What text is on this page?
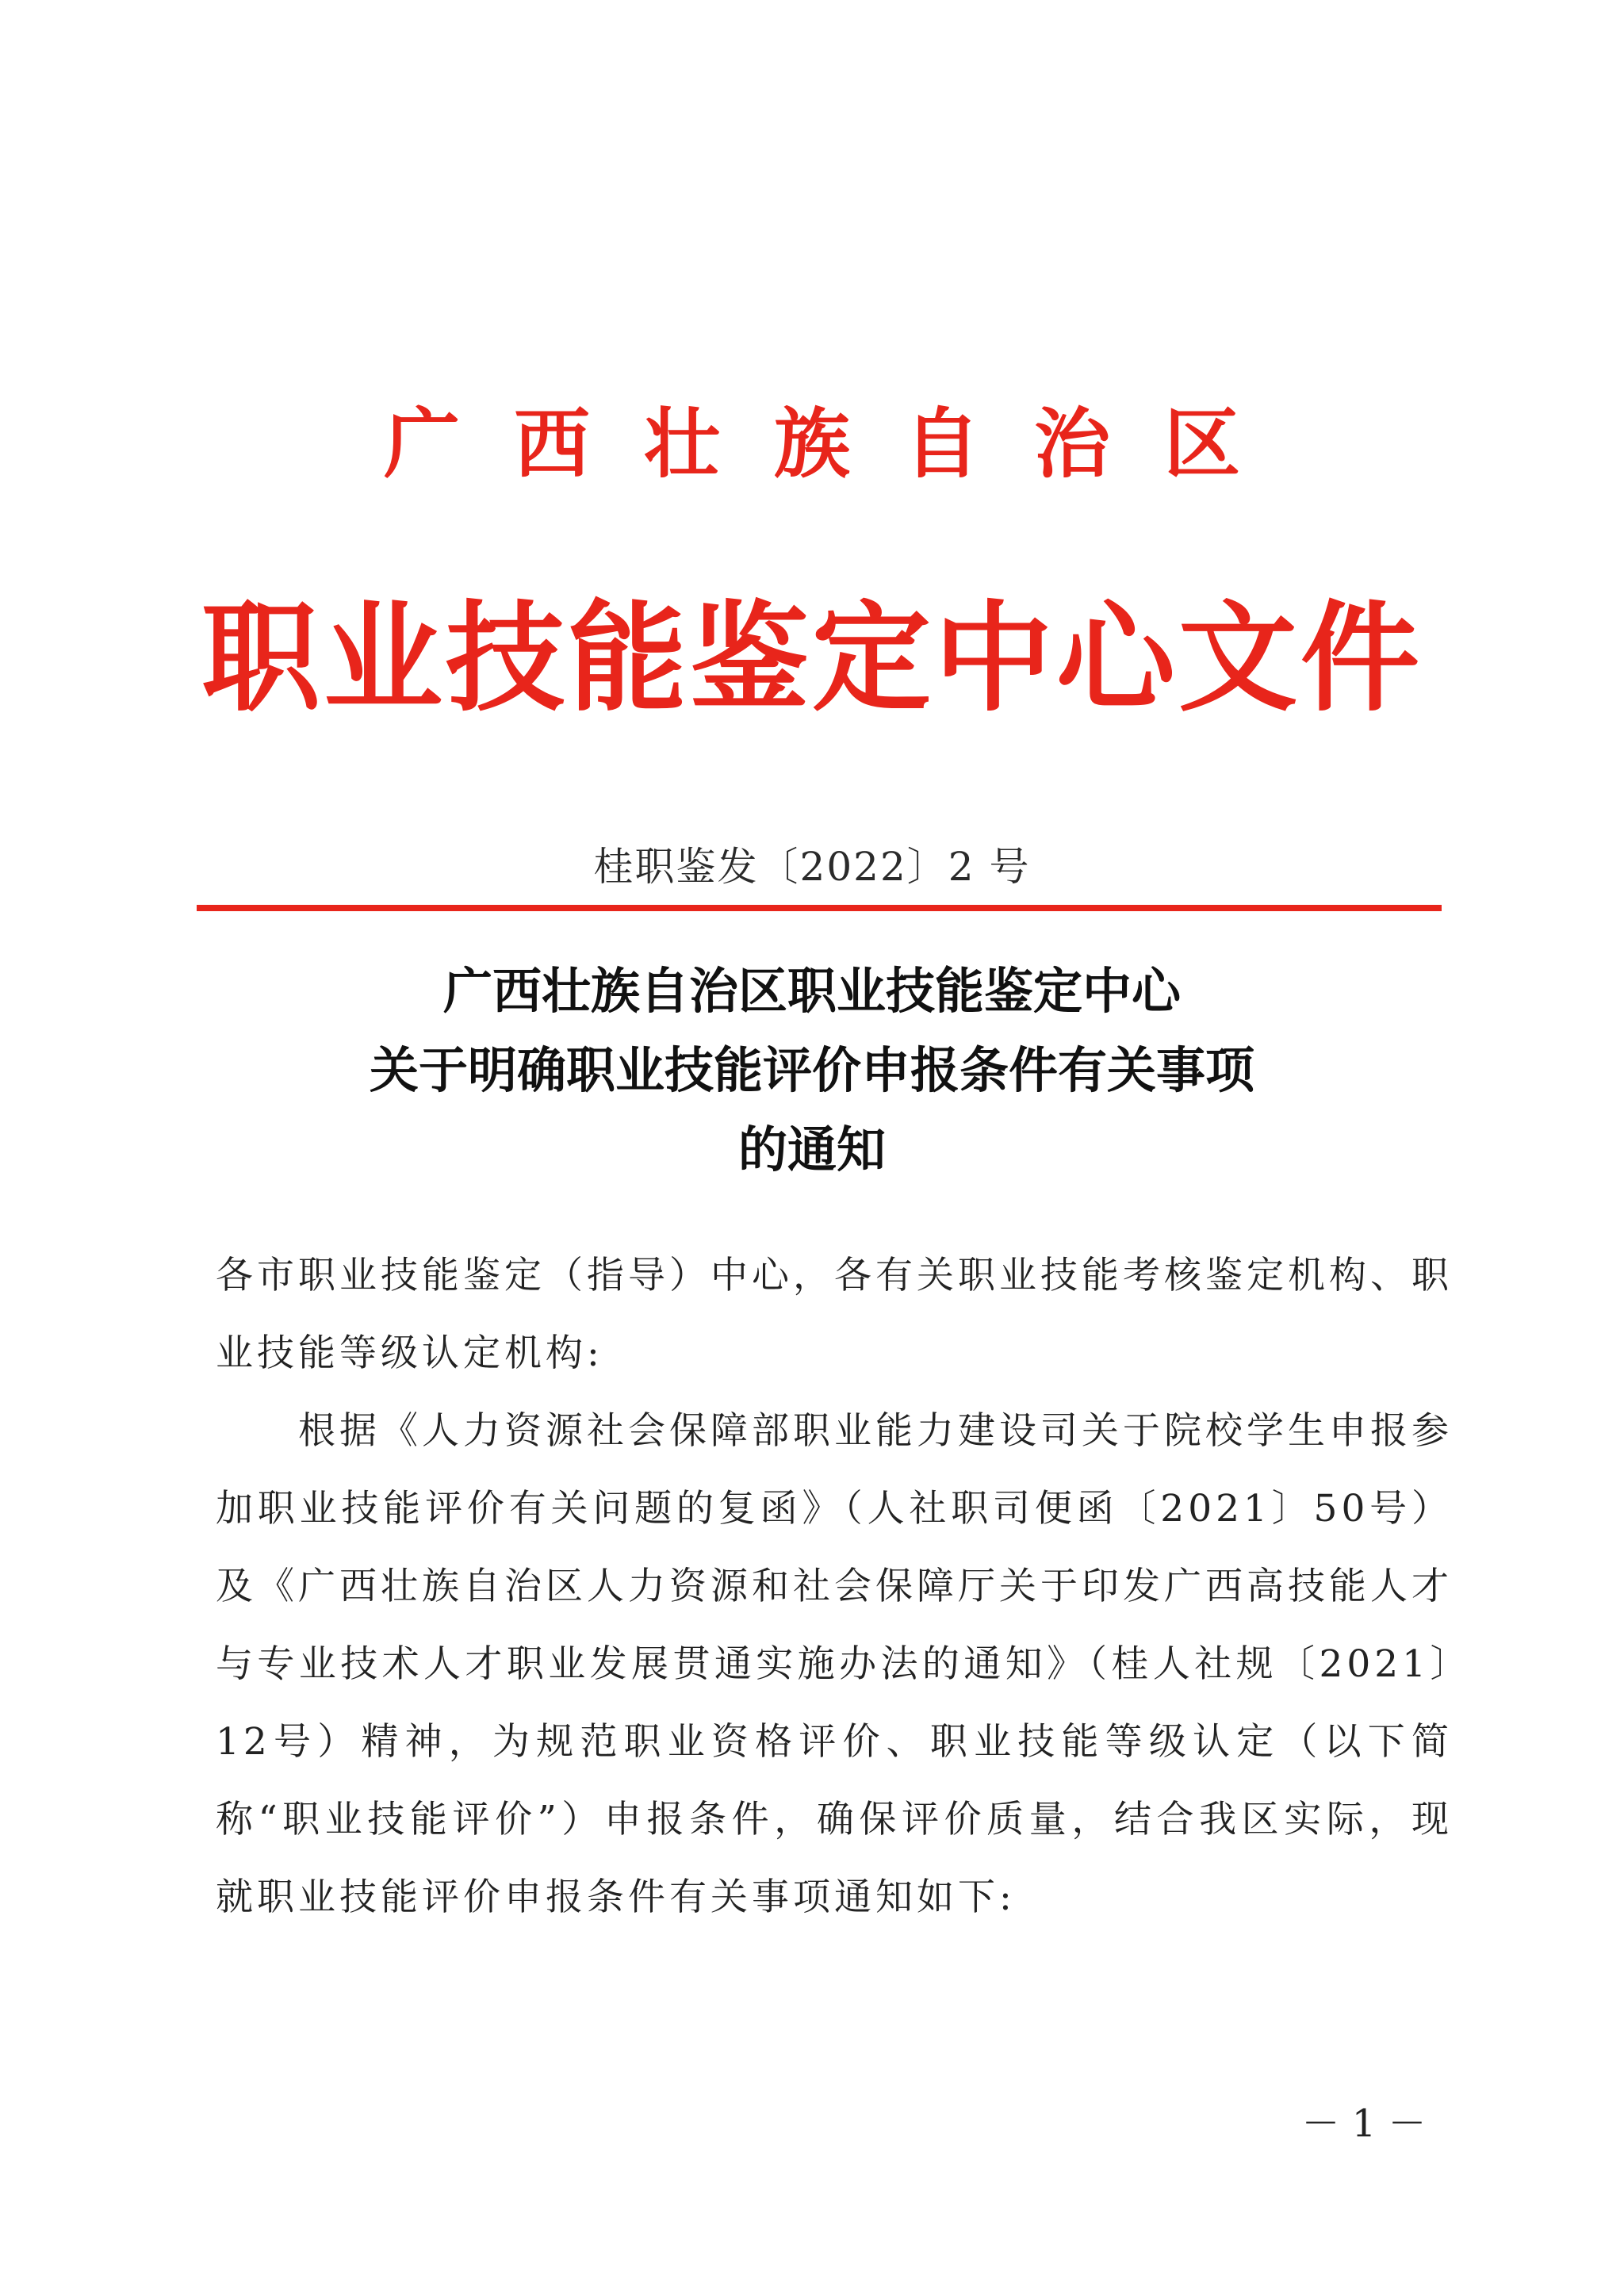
广西壮族自治区
职业技能鉴定中心文件
桂职鉴发〔2022〕2 号
广西壮族自治区职业技能鉴定中心
关于明确职业技能评价申报条件有关事项
的通知

各市职业技能鉴定（指导）中心，各有关职业技能考核鉴定机构、职业技能等级认定机构:

根据《人力资源社会保障部职业能力建设司关于院校学生申报参加职业技能评价有关问题的复函》（人社职司便函〔2021〕50号）及《广西壮族自治区人力资源和社会保障厅关于印发广西高技能人才与专业技术人才职业发展贯通实施办法的通知》（桂人社规〔2021〕12号）精神，为规范职业资格评价、职业技能等级认定（以下简称“职业技能评价”）申报条件，确保评价质量，结合我区实际，现就职业技能评价申报条件有关事项通知如下:

－ 1 －
